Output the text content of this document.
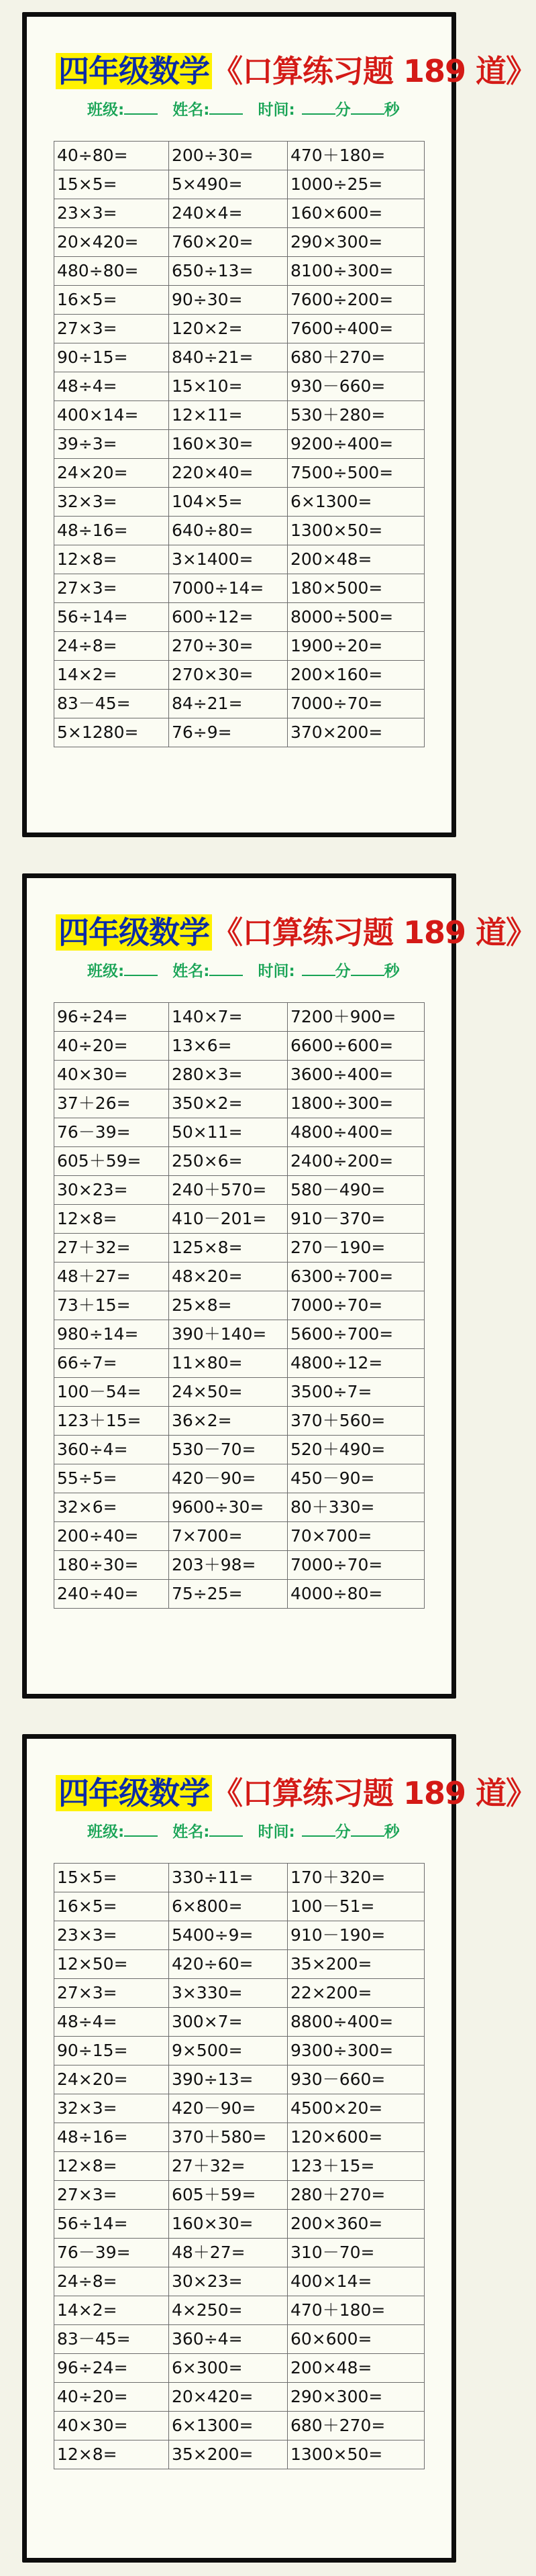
四年级数学《口算练习题 189 道》
班级:	姓名:	时间:	分 秒
40÷80=	200÷30=	470＋180=
15×5=	5×490=	1000÷25=
23×3=	240×4=	160×600=
20×420=	760×20=	290×300=
480÷80=	650÷13=	8100÷300=
16×5=	90÷30=	7600÷200=
27×3=	120×2=	7600÷400=
90÷15=	840÷21=	680＋270=
48÷4=	15×10=	930－660=
400×14=	12×11=	530＋280=
39÷3=	160×30=	9200÷400=
24×20=	220×40=	7500÷500=
32×3=	104×5=	6×1300=
48÷16=	640÷80=	1300×50=
12×8=	3×1400=	200×48=
27×3=	7000÷14=	180×500=
56÷14=	600÷12=	8000÷500=
24÷8=	270÷30=	1900÷20=
14×2=	270×30=	200×160=
83－45=	84÷21=	7000÷70=
5×1280=	76÷9=	370×200=
四年级数学《口算练习题 189 道》
班级:	姓名:	时间:	分 秒
96÷24=	140×7=	7200＋900=
40÷20=	13×6=	6600÷600=
40×30=	280×3=	3600÷400=
37＋26=	350×2=	1800÷300=
76－39=	50×11=	4800÷400=
605＋59=	250×6=	2400÷200=
30×23=	240＋570=	580－490=
12×8=	410－201=	910－370=
27＋32=	125×8=	270－190=
48＋27=	48×20=	6300÷700=
73＋15=	25×8=	7000÷70=
980÷14=	390＋140=	5600÷700=
66÷7=	11×80=	4800÷12=
100－54=	24×50=	3500÷7=
123＋15=	36×2=	370＋560=
360÷4=	530－70=	520＋490=
55÷5=	420－90=	450－90=
32×6=	9600÷30=	80＋330=
200÷40=	7×700=	70×700=
180÷30=	203＋98=	7000÷70=
240÷40=	75÷25=	4000÷80=
四年级数学《口算练习题 189 道》
班级:	姓名:	时间:	分 秒
15×5=	330÷11=	170＋320=
16×5=	6×800=	100－51=
23×3=	5400÷9=	910－190=
12×50=	420÷60=	35×200=
27×3=	3×330=	22×200=
48÷4=	300×7=	8800÷400=
90÷15=	9×500=	9300÷300=
24×20=	390÷13=	930－660=
32×3=	420－90=	4500×20=
48÷16=	370＋580=	120×600=
12×8=	27＋32=	123＋15=
27×3=	605＋59=	280＋270=
56÷14=	160×30=	200×360=
76－39=	48＋27=	310－70=
24÷8=	30×23=	400×14=
14×2=	4×250=	470＋180=
83－45=	360÷4=	60×600=
96÷24=	6×300=	200×48=
40÷20=	20×420=	290×300=
40×30=	6×1300=	680＋270=
12×8=	35×200=	1300×50=
